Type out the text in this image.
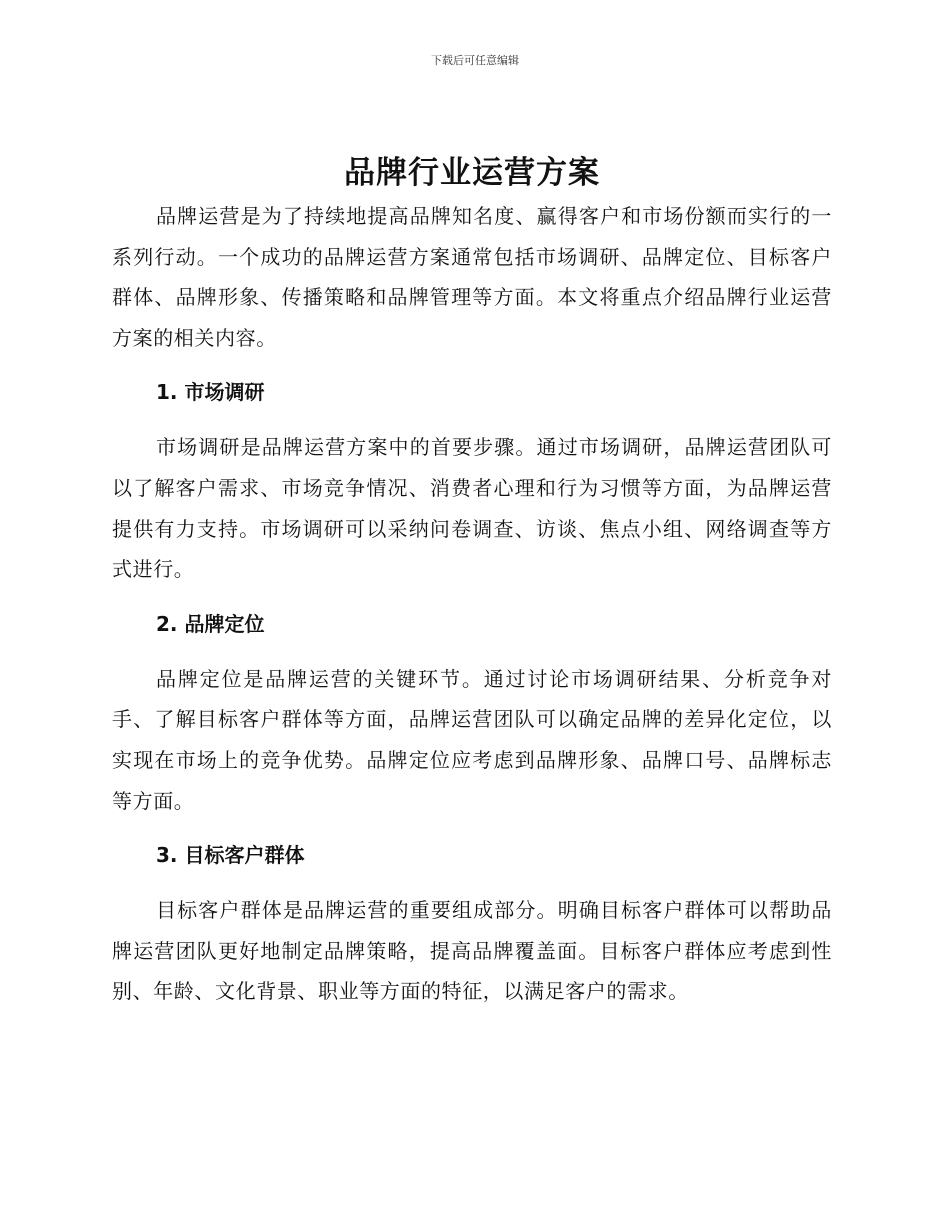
下载后可任意编辑
品牌行业运营方案

品牌运营是为了持续地提高品牌知名度、赢得客户和市场份额而实行的一系列行动。一个成功的品牌运营方案通常包括市场调研、品牌定位、目标客户群体、品牌形象、传播策略和品牌管理等方面。本文将重点介绍品牌行业运营方案的相关内容。

1. 市场调研

市场调研是品牌运营方案中的首要步骤。通过市场调研，品牌运营团队可以了解客户需求、市场竞争情况、消费者心理和行为习惯等方面，为品牌运营提供有力支持。市场调研可以采纳问卷调查、访谈、焦点小组、网络调查等方式进行。

2. 品牌定位

品牌定位是品牌运营的关键环节。通过讨论市场调研结果、分析竞争对手、了解目标客户群体等方面，品牌运营团队可以确定品牌的差异化定位，以实现在市场上的竞争优势。品牌定位应考虑到品牌形象、品牌口号、品牌标志等方面。

3. 目标客户群体

目标客户群体是品牌运营的重要组成部分。明确目标客户群体可以帮助品牌运营团队更好地制定品牌策略，提高品牌覆盖面。目标客户群体应考虑到性别、年龄、文化背景、职业等方面的特征，以满足客户的需求。
